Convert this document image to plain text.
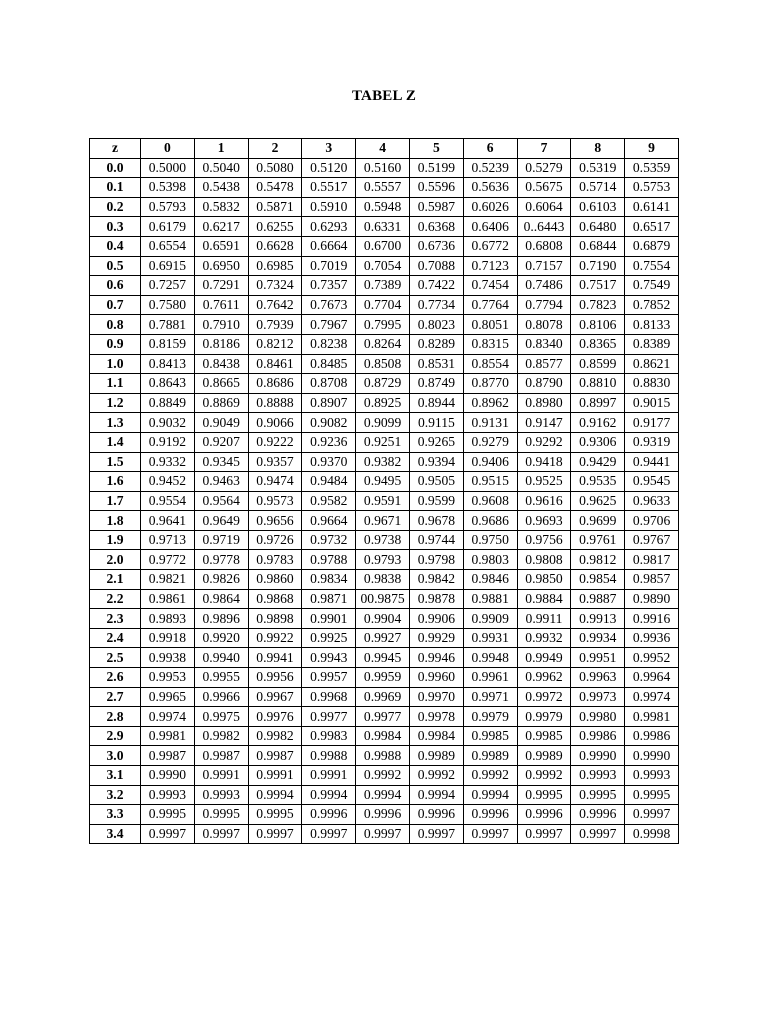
TABEL Z
z	0	1	2	3	4	5	6	7	8	9
0.0	0.5000	0.5040	0.5080	0.5120	0.5160	0.5199	0.5239	0.5279	0.5319	0.5359
0.1	0.5398	0.5438	0.5478	0.5517	0.5557	0.5596	0.5636	0.5675	0.5714	0.5753
0.2	0.5793	0.5832	0.5871	0.5910	0.5948	0.5987	0.6026	0.6064	0.6103	0.6141
0.3	0.6179	0.6217	0.6255	0.6293	0.6331	0.6368	0.6406	0..6443	0.6480	0.6517
0.4	0.6554	0.6591	0.6628	0.6664	0.6700	0.6736	0.6772	0.6808	0.6844	0.6879
0.5	0.6915	0.6950	0.6985	0.7019	0.7054	0.7088	0.7123	0.7157	0.7190	0.7554
0.6	0.7257	0.7291	0.7324	0.7357	0.7389	0.7422	0.7454	0.7486	0.7517	0.7549
0.7	0.7580	0.7611	0.7642	0.7673	0.7704	0.7734	0.7764	0.7794	0.7823	0.7852
0.8	0.7881	0.7910	0.7939	0.7967	0.7995	0.8023	0.8051	0.8078	0.8106	0.8133
0.9	0.8159	0.8186	0.8212	0.8238	0.8264	0.8289	0.8315	0.8340	0.8365	0.8389
1.0	0.8413	0.8438	0.8461	0.8485	0.8508	0.8531	0.8554	0.8577	0.8599	0.8621
1.1	0.8643	0.8665	0.8686	0.8708	0.8729	0.8749	0.8770	0.8790	0.8810	0.8830
1.2	0.8849	0.8869	0.8888	0.8907	0.8925	0.8944	0.8962	0.8980	0.8997	0.9015
1.3	0.9032	0.9049	0.9066	0.9082	0.9099	0.9115	0.9131	0.9147	0.9162	0.9177
1.4	0.9192	0.9207	0.9222	0.9236	0.9251	0.9265	0.9279	0.9292	0.9306	0.9319
1.5	0.9332	0.9345	0.9357	0.9370	0.9382	0.9394	0.9406	0.9418	0.9429	0.9441
1.6	0.9452	0.9463	0.9474	0.9484	0.9495	0.9505	0.9515	0.9525	0.9535	0.9545
1.7	0.9554	0.9564	0.9573	0.9582	0.9591	0.9599	0.9608	0.9616	0.9625	0.9633
1.8	0.9641	0.9649	0.9656	0.9664	0.9671	0.9678	0.9686	0.9693	0.9699	0.9706
1.9	0.9713	0.9719	0.9726	0.9732	0.9738	0.9744	0.9750	0.9756	0.9761	0.9767
2.0	0.9772	0.9778	0.9783	0.9788	0.9793	0.9798	0.9803	0.9808	0.9812	0.9817
2.1	0.9821	0.9826	0.9860	0.9834	0.9838	0.9842	0.9846	0.9850	0.9854	0.9857
2.2	0.9861	0.9864	0.9868	0.9871	00.9875	0.9878	0.9881	0.9884	0.9887	0.9890
2.3	0.9893	0.9896	0.9898	0.9901	0.9904	0.9906	0.9909	0.9911	0.9913	0.9916
2.4	0.9918	0.9920	0.9922	0.9925	0.9927	0.9929	0.9931	0.9932	0.9934	0.9936
2.5	0.9938	0.9940	0.9941	0.9943	0.9945	0.9946	0.9948	0.9949	0.9951	0.9952
2.6	0.9953	0.9955	0.9956	0.9957	0.9959	0.9960	0.9961	0.9962	0.9963	0.9964
2.7	0.9965	0.9966	0.9967	0.9968	0.9969	0.9970	0.9971	0.9972	0.9973	0.9974
2.8	0.9974	0.9975	0.9976	0.9977	0.9977	0.9978	0.9979	0.9979	0.9980	0.9981
2.9	0.9981	0.9982	0.9982	0.9983	0.9984	0.9984	0.9985	0.9985	0.9986	0.9986
3.0	0.9987	0.9987	0.9987	0.9988	0.9988	0.9989	0.9989	0.9989	0.9990	0.9990
3.1	0.9990	0.9991	0.9991	0.9991	0.9992	0.9992	0.9992	0.9992	0.9993	0.9993
3.2	0.9993	0.9993	0.9994	0.9994	0.9994	0.9994	0.9994	0.9995	0.9995	0.9995
3.3	0.9995	0.9995	0.9995	0.9996	0.9996	0.9996	0.9996	0.9996	0.9996	0.9997
3.4	0.9997	0.9997	0.9997	0.9997	0.9997	0.9997	0.9997	0.9997	0.9997	0.9998
